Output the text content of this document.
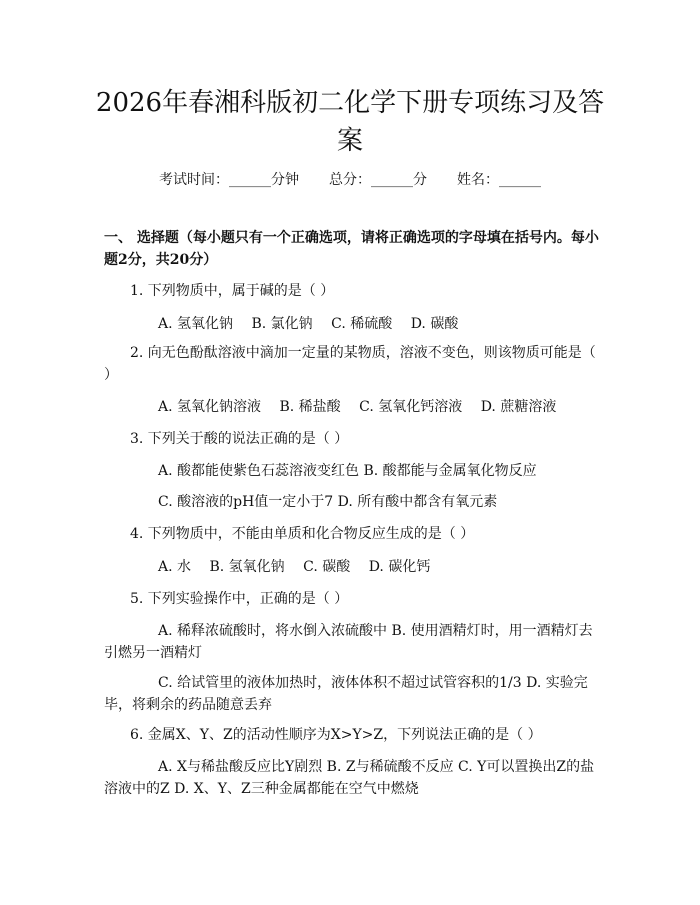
2026年春湘科版初二化学下册专项练习及答案
考试时间：______分钟 总分：______分 姓名：______
一、 选择题（每小题只有一个正确选项，请将正确选项的字母填在括号内。每小题2分，共20分）
1. 下列物质中，属于碱的是（ ）
A. 氢氧化钠 B. 氯化钠 C. 稀硫酸 D. 碳酸
2. 向无色酚酞溶液中滴加一定量的某物质，溶液不变色，则该物质可能是（ ）
A. 氢氧化钠溶液 B. 稀盐酸 C. 氢氧化钙溶液 D. 蔗糖溶液
3. 下列关于酸的说法正确的是（ ）
A. 酸都能使紫色石蕊溶液变红色 B. 酸都能与金属氧化物反应
C. 酸溶液的pH值一定小于7 D. 所有酸中都含有氧元素
4. 下列物质中，不能由单质和化合物反应生成的是（ ）
A. 水 B. 氢氧化钠 C. 碳酸 D. 碳化钙
5. 下列实验操作中，正确的是（ ）
A. 稀释浓硫酸时，将水倒入浓硫酸中 B. 使用酒精灯时，用一酒精灯去引燃另一酒精灯
C. 给试管里的液体加热时，液体体积不超过试管容积的1/3 D. 实验完毕，将剩余的药品随意丢弃
6. 金属X、Y、Z的活动性顺序为X>Y>Z，下列说法正确的是（ ）
A. X与稀盐酸反应比Y剧烈 B. Z与稀硫酸不反应 C. Y可以置换出Z的盐溶液中的Z D. X、Y、Z三种金属都能在空气中燃烧
